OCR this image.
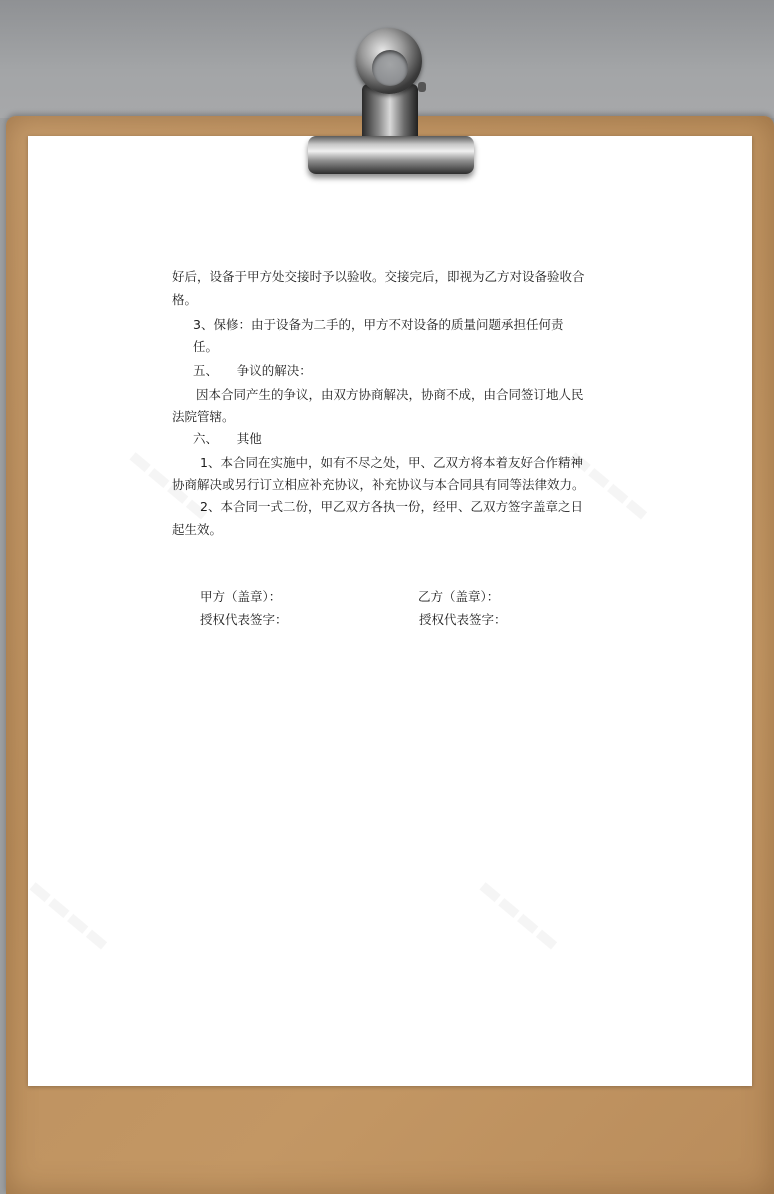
好后，设备于甲方处交接时予以验收。交接完后，即视为乙方对设备验收合
格。
3、保修：由于设备为二手的，甲方不对设备的质量问题承担任何责
任。
五、　　争议的解决：
因本合同产生的争议，由双方协商解决，协商不成，由合同签订地人民
法院管辖。
六、　　其他
1、本合同在实施中，如有不尽之处，甲、乙双方将本着友好合作精神
协商解决或另行订立相应补充协议，补充协议与本合同具有同等法律效力。
2、本合同一式二份，甲乙双方各执一份，经甲、乙双方签字盖章之日
起生效。
甲方（盖章）：	乙方（盖章）：
授权代表签字：	授权代表签字：
